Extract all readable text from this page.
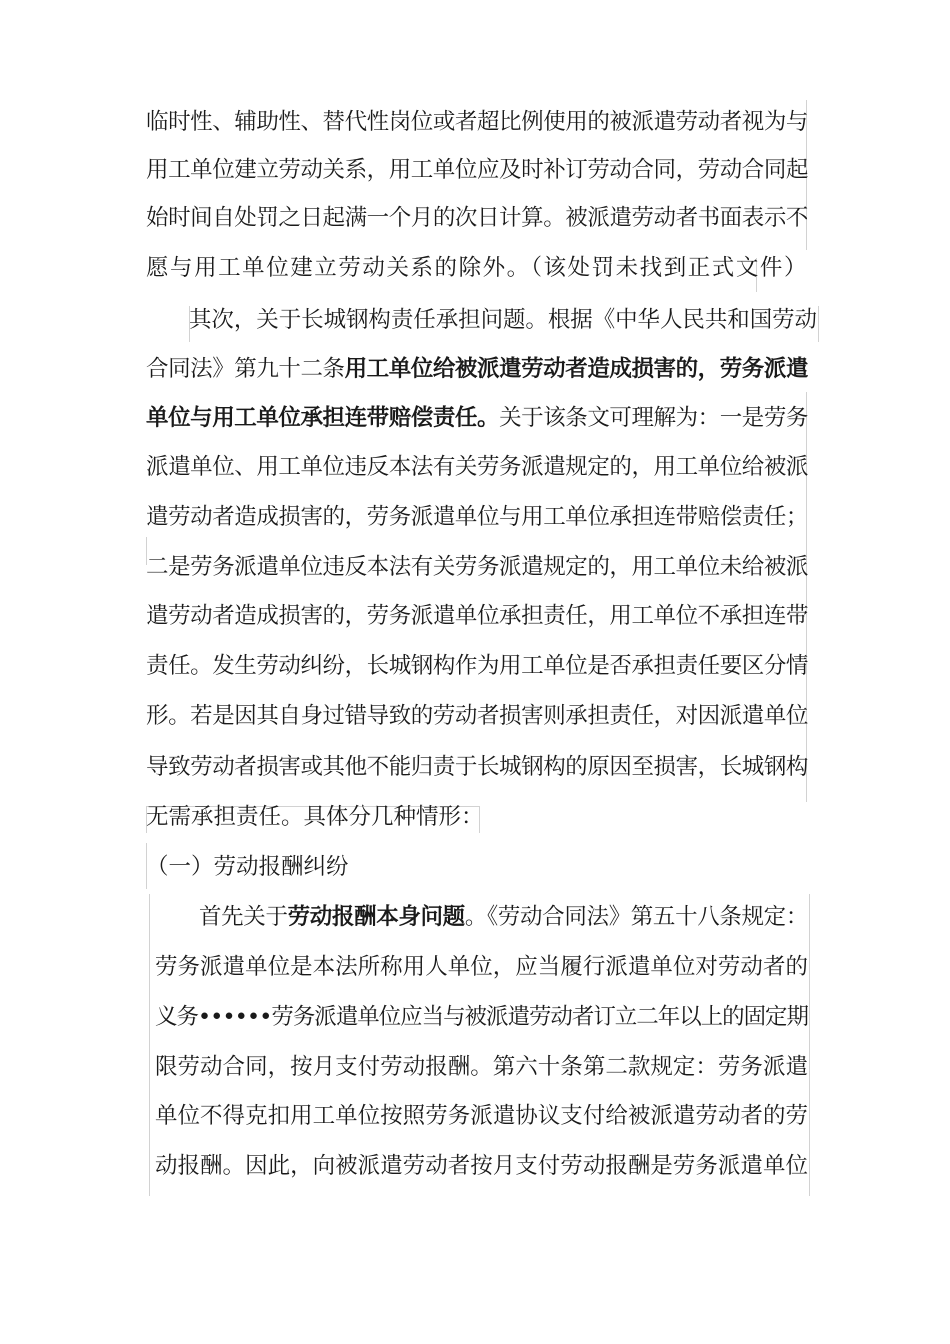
临时性、辅助性、替代性岗位或者超比例使用的被派遣劳动者视为与
用工单位建立劳动关系，用工单位应及时补订劳动合同，劳动合同起
始时间自处罚之日起满一个月的次日计算。被派遣劳动者书面表示不
愿与用工单位建立劳动关系的除外。（该处罚未找到正式文件）
其次，关于长城钢构责任承担问题。根据《中华人民共和国劳动
合同法》第九十二条用工单位给被派遣劳动者造成损害的，劳务派遣
单位与用工单位承担连带赔偿责任。关于该条文可理解为：一是劳务
派遣单位、用工单位违反本法有关劳务派遣规定的，用工单位给被派
遣劳动者造成损害的，劳务派遣单位与用工单位承担连带赔偿责任；
二是劳务派遣单位违反本法有关劳务派遣规定的，用工单位未给被派
遣劳动者造成损害的，劳务派遣单位承担责任，用工单位不承担连带
责任。发生劳动纠纷，长城钢构作为用工单位是否承担责任要区分情
形。若是因其自身过错导致的劳动者损害则承担责任，对因派遣单位
导致劳动者损害或其他不能归责于长城钢构的原因至损害，长城钢构
无需承担责任。具体分几种情形：
（一）劳动报酬纠纷
首先关于劳动报酬本身问题。《劳动合同法》第五十八条规定：
劳务派遣单位是本法所称用人单位，应当履行派遣单位对劳动者的
义务••••••劳务派遣单位应当与被派遣劳动者订立二年以上的固定期
限劳动合同，按月支付劳动报酬。第六十条第二款规定：劳务派遣
单位不得克扣用工单位按照劳务派遣协议支付给被派遣劳动者的劳
动报酬。因此，向被派遣劳动者按月支付劳动报酬是劳务派遣单位
